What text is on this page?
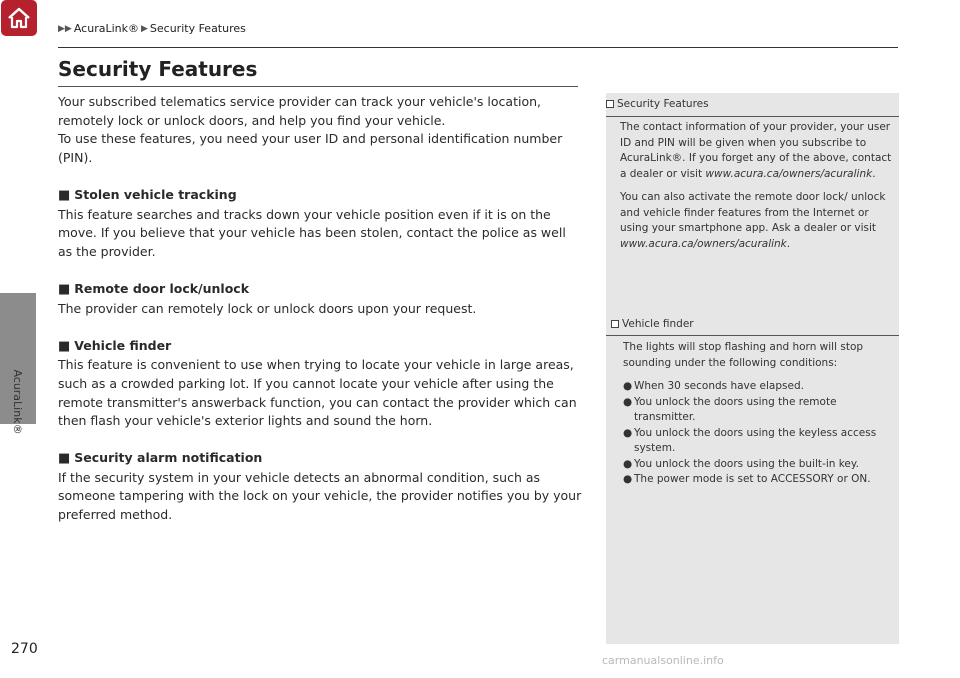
AcuraLink®
▶▶ AcuraLink® ▶ Security Features
Security Features

Your subscribed telematics service provider can track your vehicle's location, remotely lock or unlock doors, and help you find your vehicle.

To use these features, you need your user ID and personal identification number (PIN).

■ Stolen vehicle tracking

This feature searches and tracks down your vehicle position even if it is on the move. If you believe that your vehicle has been stolen, contact the police as well as the provider.

■ Remote door lock/unlock

The provider can remotely lock or unlock doors upon your request.

■ Vehicle finder

This feature is convenient to use when trying to locate your vehicle in large areas, such as a crowded parking lot. If you cannot locate your vehicle after using the remote transmitter's answerback function, you can contact the provider which can then flash your vehicle's exterior lights and sound the horn.

■ Security alarm notification

If the security system in your vehicle detects an abnormal condition, such as someone tampering with the lock on your vehicle, the provider notifies you by your preferred method.

Security Features

The contact information of your provider, your user ID and PIN will be given when you subscribe to AcuraLink®. If you forget any of the above, contact a dealer or visit www.acura.ca/owners/acuralink.

You can also activate the remote door lock/ unlock and vehicle finder features from the Internet or using your smartphone app. Ask a dealer or visit www.acura.ca/owners/acuralink.

Vehicle finder

The lights will stop flashing and horn will stop sounding under the following conditions:

● When 30 seconds have elapsed.
● You unlock the doors using the remote transmitter.
● You unlock the doors using the keyless access system.
● You unlock the doors using the built-in key.
● The power mode is set to ACCESSORY or ON.
270
carmanualsonline.info
